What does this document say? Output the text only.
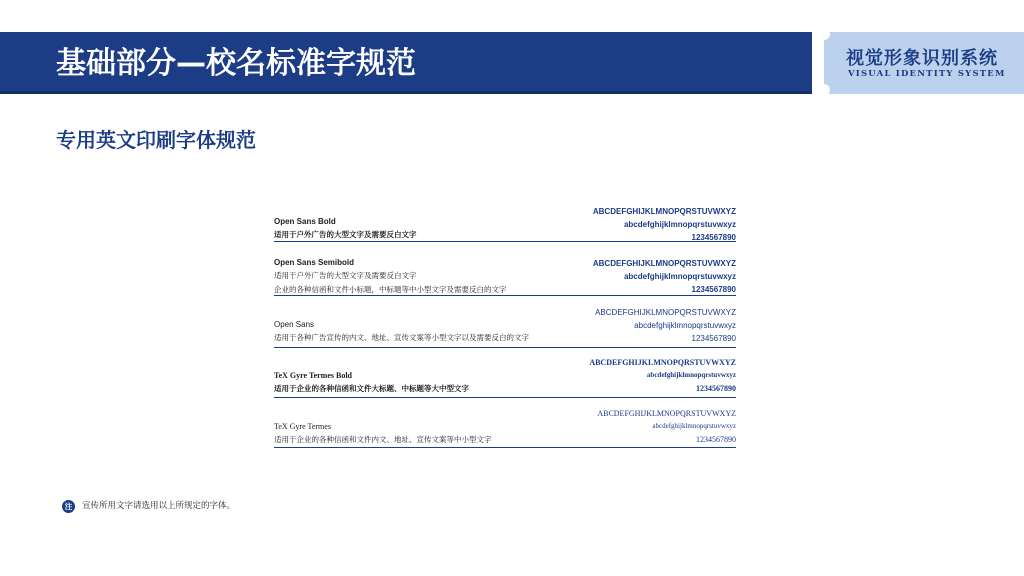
基础部分—校名标准字规范	视觉形象识别系统
VISUAL IDENTITY SYSTEM
专用英文印刷字体规范
Open Sans Bold
适用于户外广告的大型文字及需要反白文字
ABCDEFGHIJKLMNOPQRSTUVWXYZ
abcdefghijklmnopqrstuvwxyz
1234567890
Open Sans Semibold
适用于户外广告的大型文字及需要反白文字
企业的各种信函和文件小标题，中标题等中小型文字及需要反白的文字
ABCDEFGHIJKLMNOPQRSTUVWXYZ
abcdefghijklmnopqrstuvwxyz
1234567890
Open Sans
适用于各种广告宣传的内文、地址、宣传文案等小型文字以及需要反白的文字
ABCDEFGHIJKLMNOPQRSTUVWXYZ
abcdefghijklmnopqrstuvwxyz
1234567890
TeX Gyre Termes Bold
适用于企业的各种信函和文件大标题、中标题等大中型文字
ABCDEFGHIJKLMNOPQRSTUVWXYZ
abcdefghijklmnopqrstuvwxyz
1234567890
TeX Gyre Termes
适用于企业的各种信函和文件内文、地址、宣传文案等中小型文字
ABCDEFGHIJKLMNOPQRSTUVWXYZ
abcdefghijklmnopqrstuvwxyz
1234567890
注	宣传所用文字请选用以上所规定的字体。
